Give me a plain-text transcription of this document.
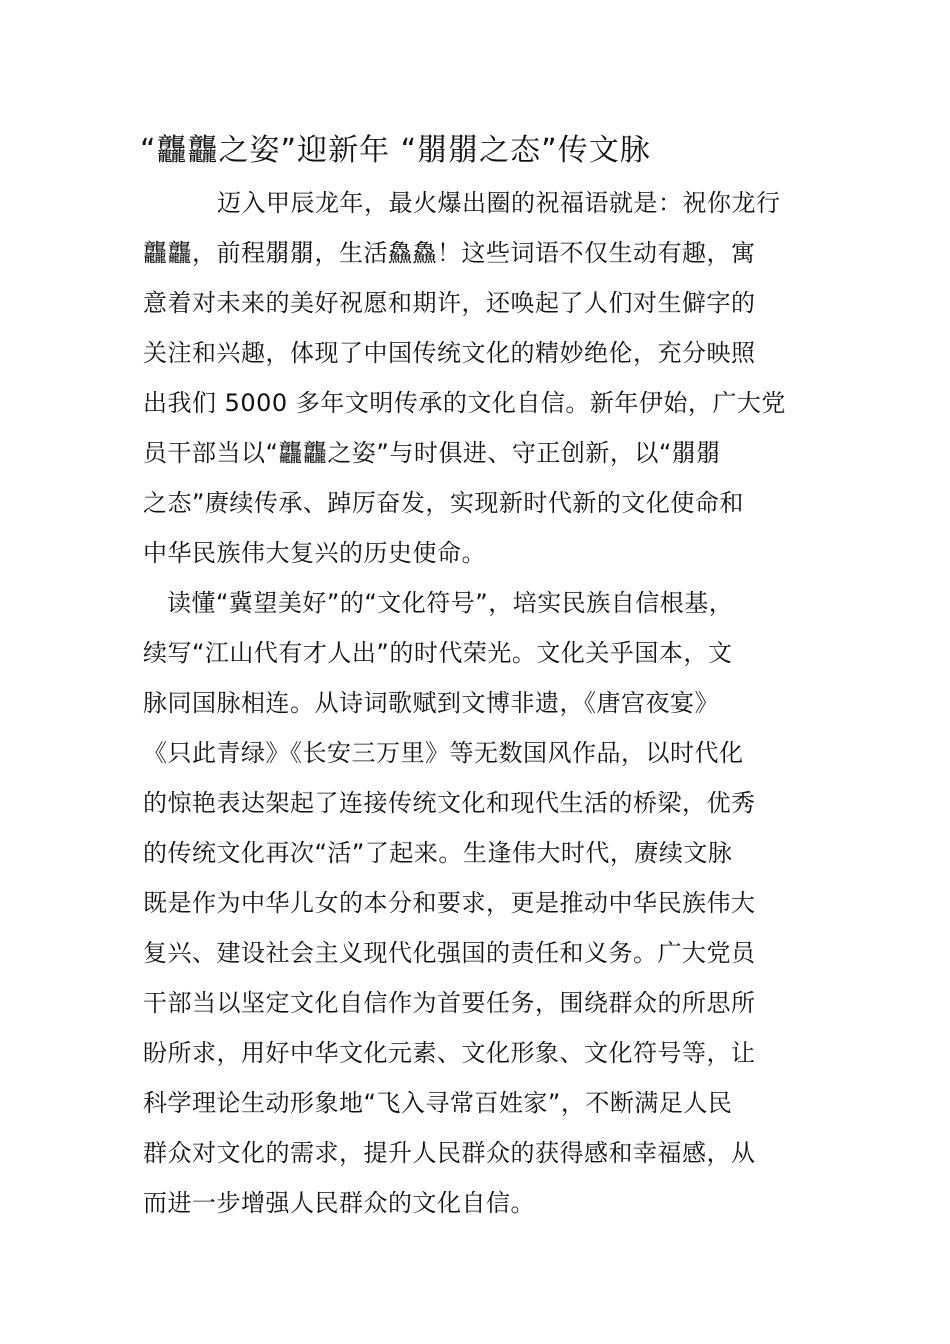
“龘龘之姿”迎新年 “朤朤之态”传文脉
迈入甲辰龙年，最火爆出圈的祝福语就是：祝你龙行
龘龘，前程朤朤，生活鱻鱻！这些词语不仅生动有趣，寓
意着对未来的美好祝愿和期许，还唤起了人们对生僻字的
关注和兴趣，体现了中国传统文化的精妙绝伦，充分映照
出我们 5000 多年文明传承的文化自信。新年伊始，广大党
员干部当以“龘龘之姿”与时俱进、守正创新，以“朤朤
之态”赓续传承、踔厉奋发，实现新时代新的文化使命和
中华民族伟大复兴的历史使命。
读懂“冀望美好”的“文化符号”，培实民族自信根基，
续写“江山代有才人出”的时代荣光。文化关乎国本，文
脉同国脉相连。从诗词歌赋到文博非遗，《唐宫夜宴》
《只此青绿》《长安三万里》等无数国风作品，以时代化
的惊艳表达架起了连接传统文化和现代生活的桥梁，优秀
的传统文化再次“活”了起来。生逢伟大时代，赓续文脉
既是作为中华儿女的本分和要求，更是推动中华民族伟大
复兴、建设社会主义现代化强国的责任和义务。广大党员
干部当以坚定文化自信作为首要任务，围绕群众的所思所
盼所求，用好中华文化元素、文化形象、文化符号等，让
科学理论生动形象地“飞入寻常百姓家”，不断满足人民
群众对文化的需求，提升人民群众的获得感和幸福感，从
而进一步增强人民群众的文化自信。
